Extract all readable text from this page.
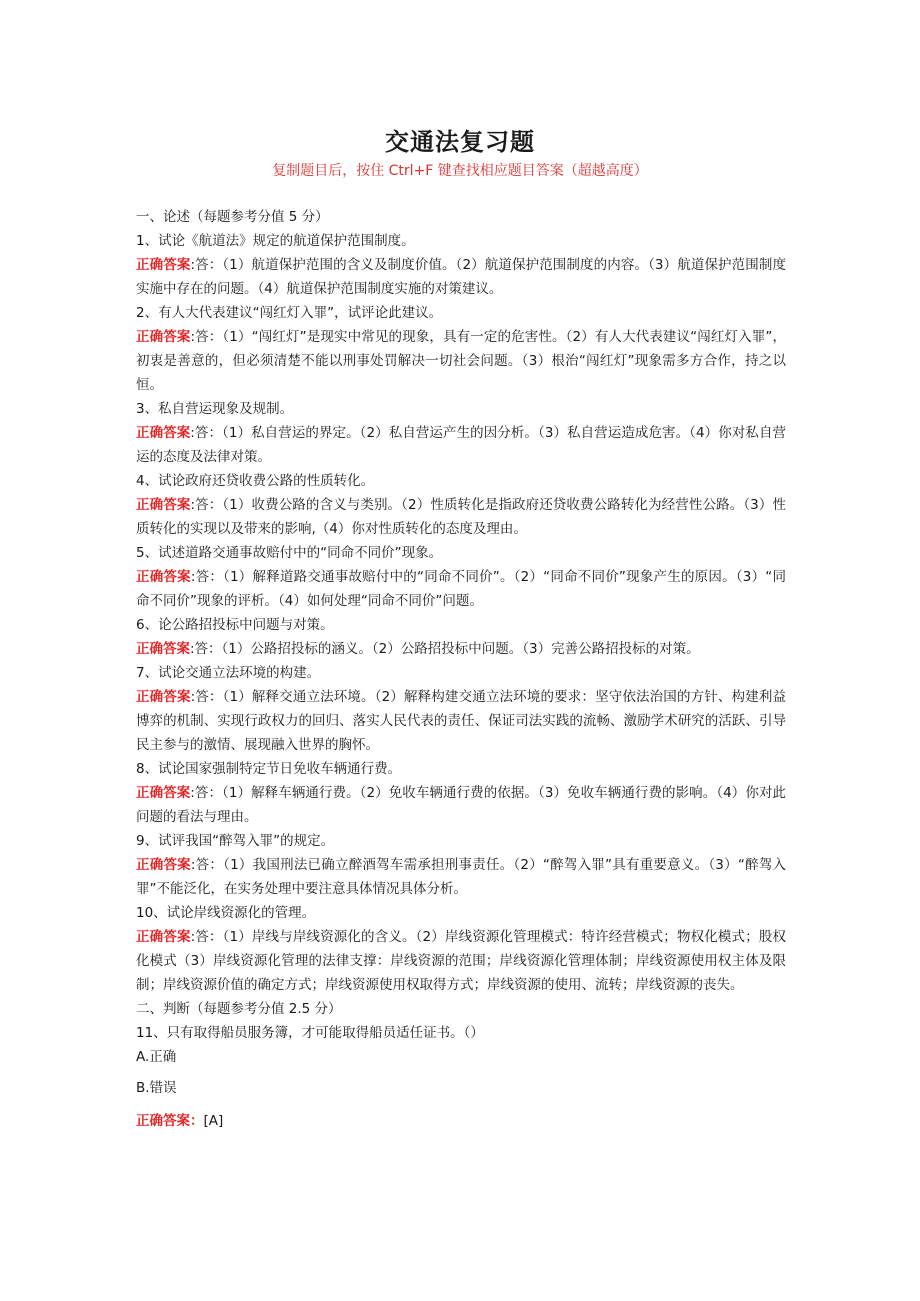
交通法复习题
复制题目后，按住 Ctrl+F 键查找相应题目答案（超越高度）

一、论述（每题参考分值 5 分）

1、试论《航道法》规定的航道保护范围制度。

正确答案:答：（1）航道保护范围的含义及制度价值。（2）航道保护范围制度的内容。（3）航道保护范围制度实施中存在的问题。（4）航道保护范围制度实施的对策建议。

2、有人大代表建议“闯红灯入罪”，试评论此建议。

正确答案:答：（1）“闯红灯”是现实中常见的现象，具有一定的危害性。（2）有人大代表建议“闯红灯入罪”，初衷是善意的，但必须清楚不能以刑事处罚解决一切社会问题。（3）根治“闯红灯”现象需多方合作，持之以恒。

3、私自营运现象及规制。

正确答案:答：（1）私自营运的界定。（2）私自营运产生的因分析。（3）私自营运造成危害。（4）你对私自营运的态度及法律对策。

4、试论政府还贷收费公路的性质转化。

正确答案:答：（1）收费公路的含义与类别。（2）性质转化是指政府还贷收费公路转化为经营性公路。（3）性质转化的实现以及带来的影响,（4）你对性质转化的态度及理由。

5、试述道路交通事故赔付中的“同命不同价”现象。

正确答案:答：（1）解释道路交通事故赔付中的“同命不同价”。（2）“同命不同价”现象产生的原因。（3）“同命不同价”现象的评析。（4）如何处理“同命不同价”问题。

6、论公路招投标中问题与对策。

正确答案:答：（1）公路招投标的涵义。（2）公路招投标中问题。（3）完善公路招投标的对策。

7、试论交通立法环境的构建。

正确答案:答：（1）解释交通立法环境。（2）解释构建交通立法环境的要求：坚守依法治国的方针、构建利益博弈的机制、实现行政权力的回归、落实人民代表的责任、保证司法实践的流畅、激励学术研究的活跃、引导民主参与的激情、展现融入世界的胸怀。

8、试论国家强制特定节日免收车辆通行费。

正确答案:答：（1）解释车辆通行费。（2）免收车辆通行费的依据。（3）免收车辆通行费的影响。（4）你对此问题的看法与理由。

9、试评我国“醉驾入罪”的规定。

正确答案:答：（1）我国刑法已确立醉酒驾车需承担刑事责任。（2）“醉驾入罪”具有重要意义。（3）“醉驾入罪”不能泛化，在实务处理中要注意具体情况具体分析。

10、试论岸线资源化的管理。

正确答案:答：（1）岸线与岸线资源化的含义。（2）岸线资源化管理模式：特许经营模式；物权化模式；股权化模式（3）岸线资源化管理的法律支撑：岸线资源的范围；岸线资源化管理体制；岸线资源使用权主体及限制；岸线资源价值的确定方式；岸线资源使用权取得方式；岸线资源的使用、流转；岸线资源的丧失。

二、判断（每题参考分值 2.5 分）

11、只有取得船员服务簿，才可能取得船员适任证书。（）

A.正确

B.错误

正确答案：[A]
